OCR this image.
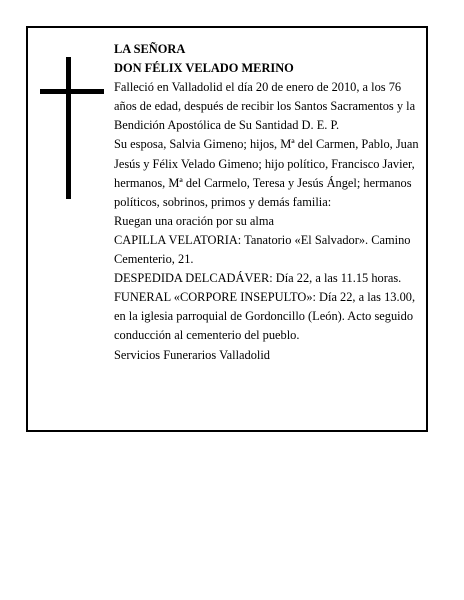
LA SEÑORA

DON FÉLIX VELADO MERINO

Falleció en Valladolid el día 20 de enero de 2010, a los 76 años de edad, después de recibir los Santos Sacramentos y la Bendición Apostólica de Su Santidad D. E. P.

Su esposa, Salvia Gimeno; hijos, Mª del Carmen, Pablo, Juan Jesús y Félix Velado Gimeno; hijo político, Francisco Javier, hermanos, Mª del Carmelo, Teresa y Jesús Ángel; hermanos políticos, sobrinos, primos y demás familia:

Ruegan una oración por su alma

CAPILLA VELATORIA: Tanatorio «El Salvador». Camino Cementerio, 21.

DESPEDIDA DELCADÁVER: Día 22, a las 11.15 horas.

FUNERAL «CORPORE INSEPULTO»: Día 22, a las 13.00, en la iglesia parroquial de Gordoncillo (León). Acto seguido conducción al cementerio del pueblo.

Servicios Funerarios Valladolid
